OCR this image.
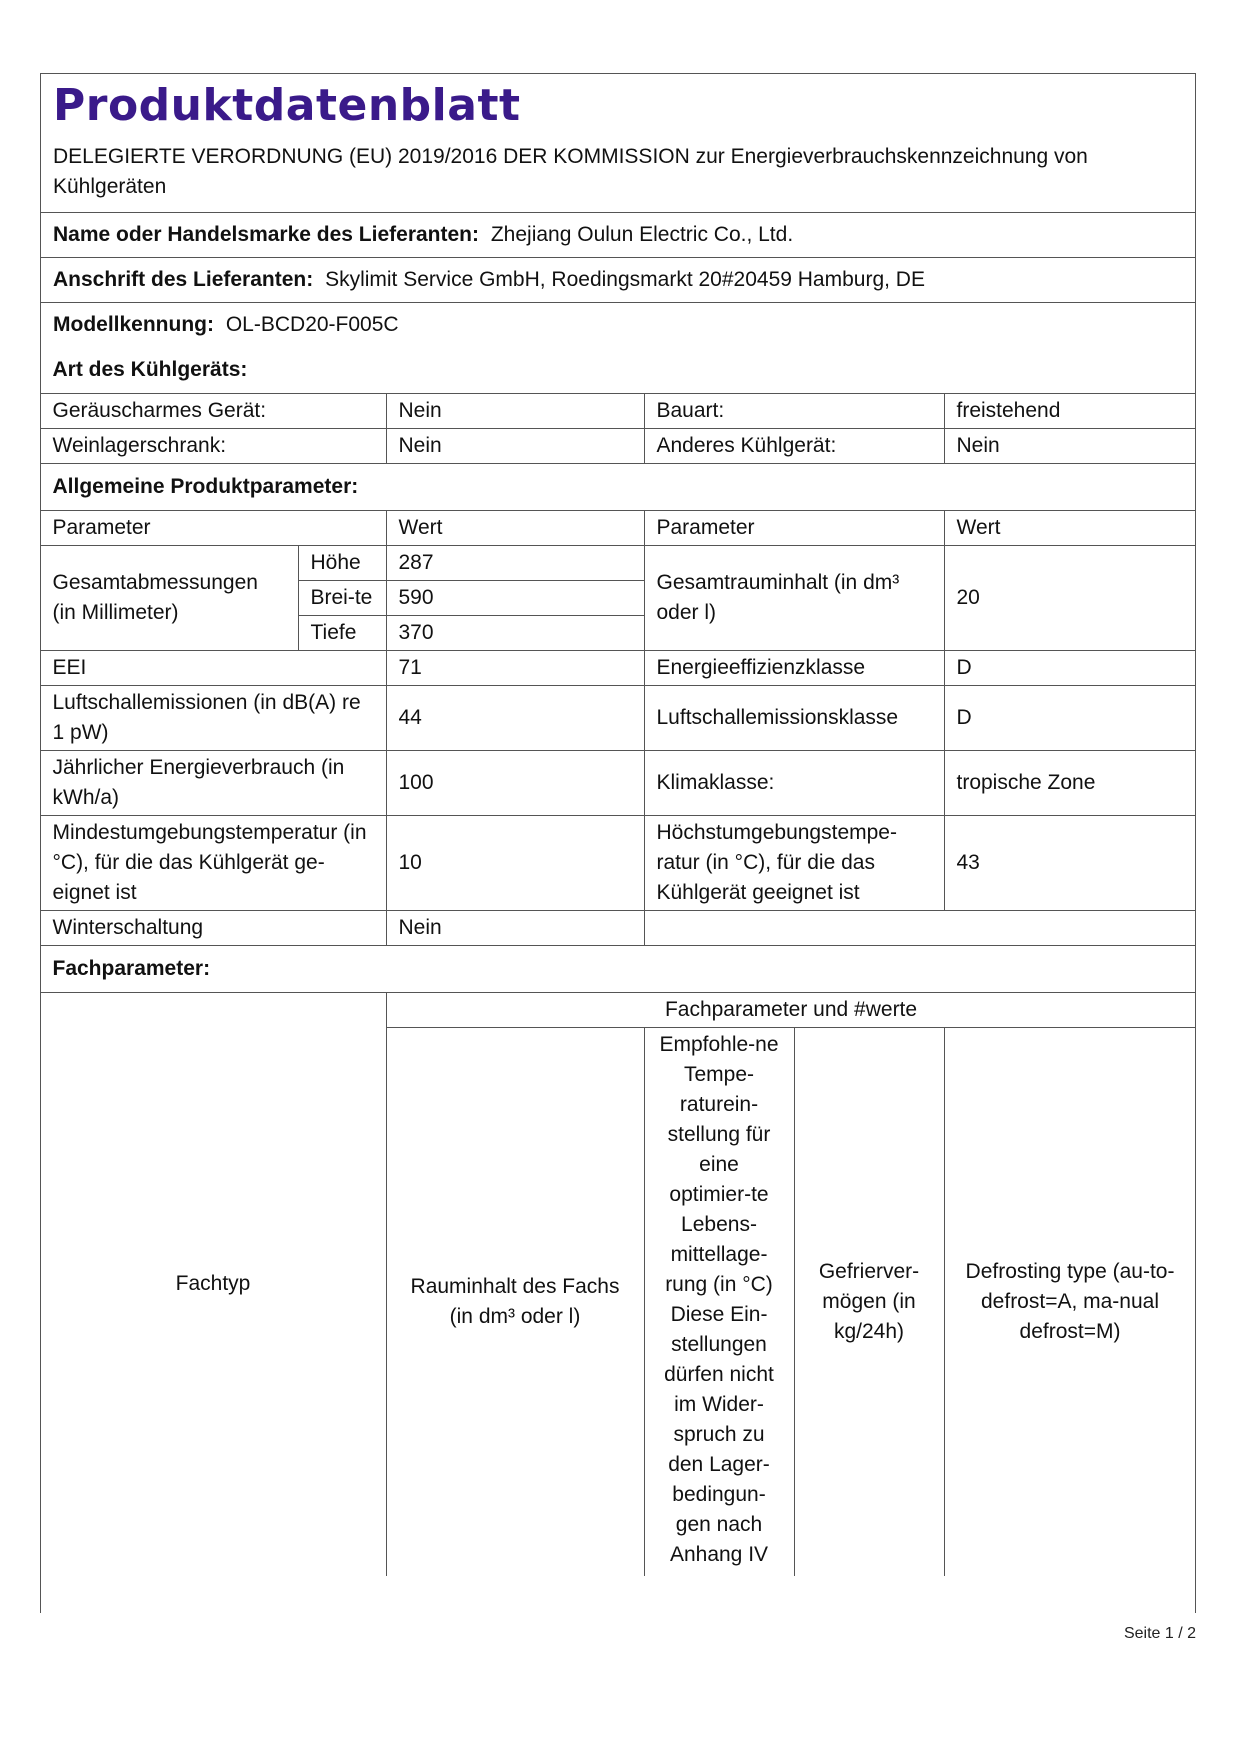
Produktdatenblatt
DELEGIERTE VERORDNUNG (EU) 2019/2016 DER KOMMISSION zur Energieverbrauchskennzeichnung von Kühlgeräten
Name oder Handelsmarke des Lieferanten: Zhejiang Oulun Electric Co., Ltd.
Anschrift des Lieferanten: Skylimit Service GmbH, Roedingsmarkt 20#20459 Hamburg, DE
Modellkennung: OL-BCD20-F005C
Art des Kühlgeräts:					
Geräuscharmes Gerät:		Nein	Bauart:		freistehend
Weinlagerschrank:		Nein	Anderes Kühlgerät:		Nein
Allgemeine Produktparameter:					
Parameter		Wert	Parameter		Wert
Gesamtabmessungen (in Millimeter)	Höhe	287	Gesamtrauminhalt (in dm³ oder l)		20
	Brei-te	590			
	Tiefe	370			
EEI		71	Energieeffizienzklasse		D
Luftschallemissionen (in dB(A) re 1 pW)		44	Luftschallemissionsklasse		D
Jährlicher Energieverbrauch (in kWh/a)		100	Klimaklasse:		tropische Zone
Mindestumgebungstemperatur (in °C), für die das Kühlgerät ge-eignet ist		10	Höchstumgebungstempe-ratur (in °C), für die das Kühlgerät geeignet ist		43
Winterschaltung		Nein			
Fachparameter:					
Fachtyp		Fachparameter und #werte			
		Rauminhalt des Fachs (in dm³ oder l)	Empfohle-ne Tempe-raturein-stellung für eine optimier-te Lebens-mittellage-rung (in °C) Diese Ein-stellungen dürfen nicht im Wider-spruch zu den Lager-bedingun-gen nach Anhang IV	Gefrierver-mögen (in kg/24h)	Defrosting type (au-to-defrost=A, ma-nual defrost=M)
Seite 1 / 2
